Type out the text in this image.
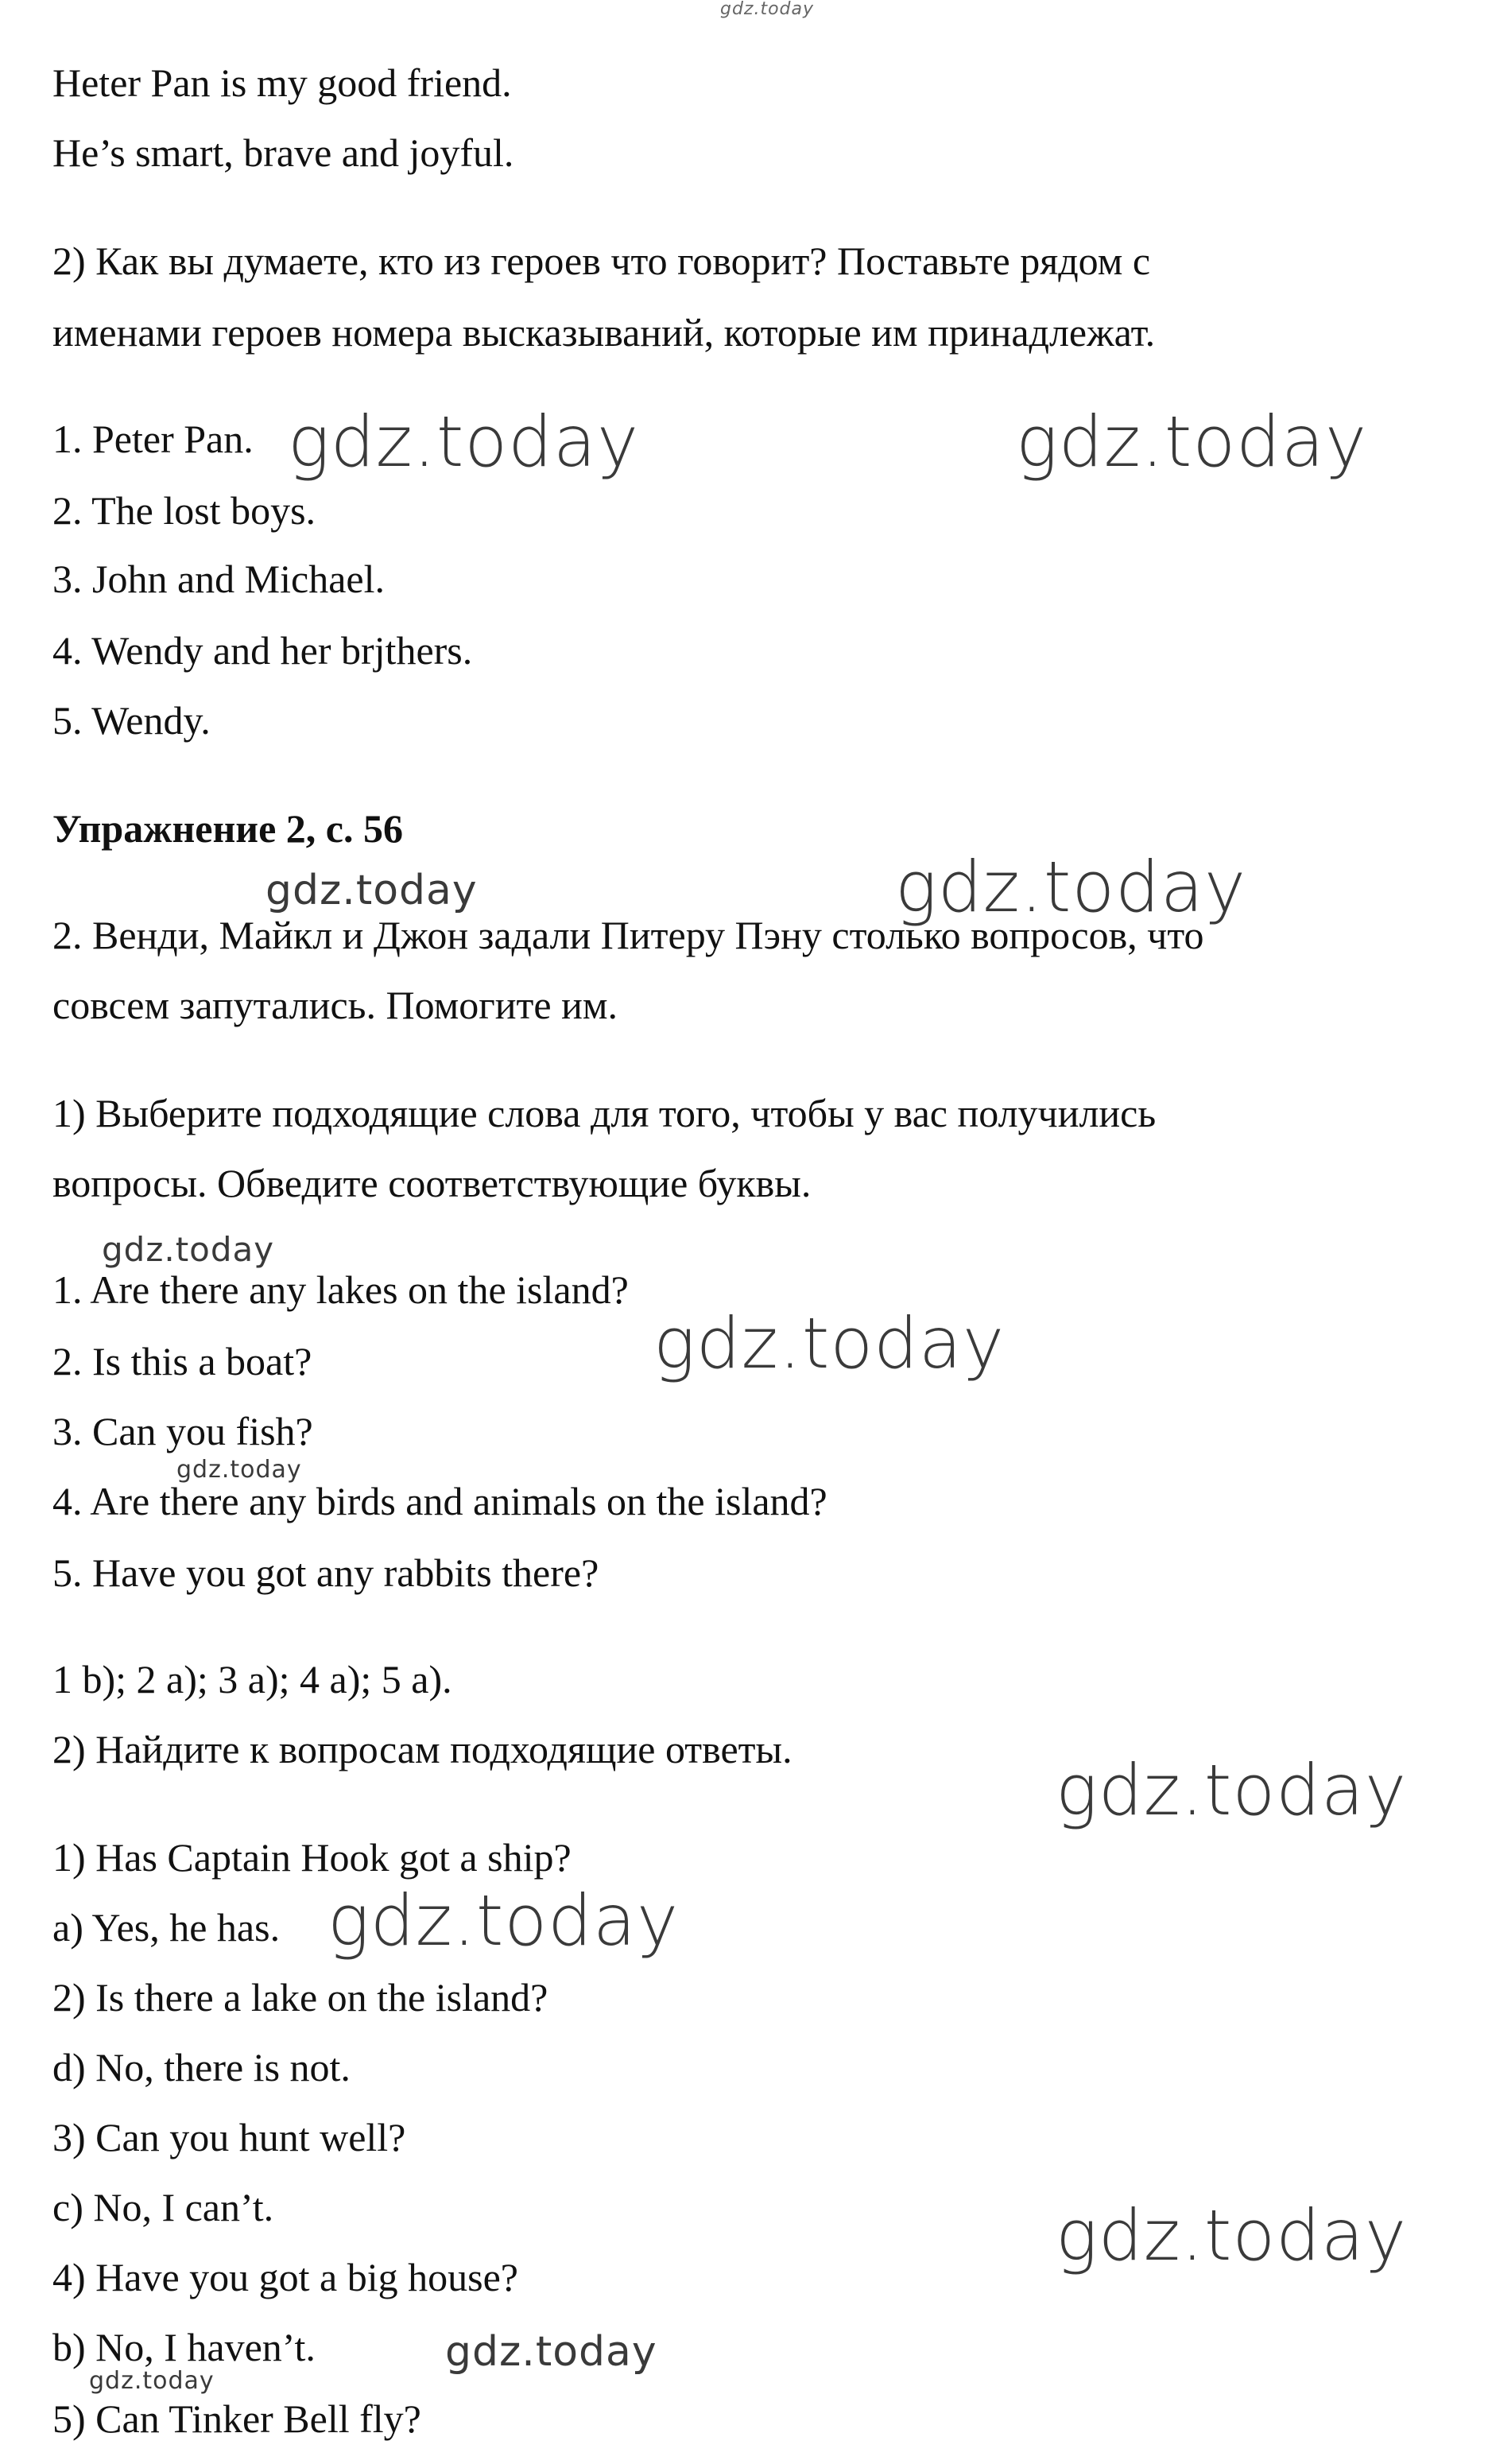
gdz.today
Heter Pan is my good friend.
He’s smart, brave and joyful.
2) Как вы думаете, кто из героев что говорит? Поставьте рядом с
именами героев номера высказываний, которые им принадлежат.
1. Peter Pan.
2. The lost boys.
3. John and Michael.
4. Wendy and her brjthers.
5. Wendy.
Упражнение 2, с. 56
2. Венди, Майкл и Джон задали Питеру Пэну столько вопросов, что
совсем запутались. Помогите им.
1) Выберите подходящие слова для того, чтобы у вас получились
вопросы. Обведите соответствующие буквы.
1. Are there any lakes on the island?
2. Is this a boat?
3. Can you fish?
4. Are there any birds and animals on the island?
5. Have you got any rabbits there?
1 b); 2 a); 3 a); 4 a); 5 a).
2) Найдите к вопросам подходящие ответы.
1) Has Captain Hook got a ship?
a) Yes, he has.
2) Is there a lake on the island?
d) No, there is not.
3) Can you hunt well?
c) No, I can’t.
4) Have you got a big house?
b) No, I haven’t.
5) Can Tinker Bell fly?
gdz.today	gdz.today
gdz.today	gdz.today
gdz.today
gdz.today
gdz.today
gdz.today
gdz.today
gdz.today
gdz.today
gdz.today
